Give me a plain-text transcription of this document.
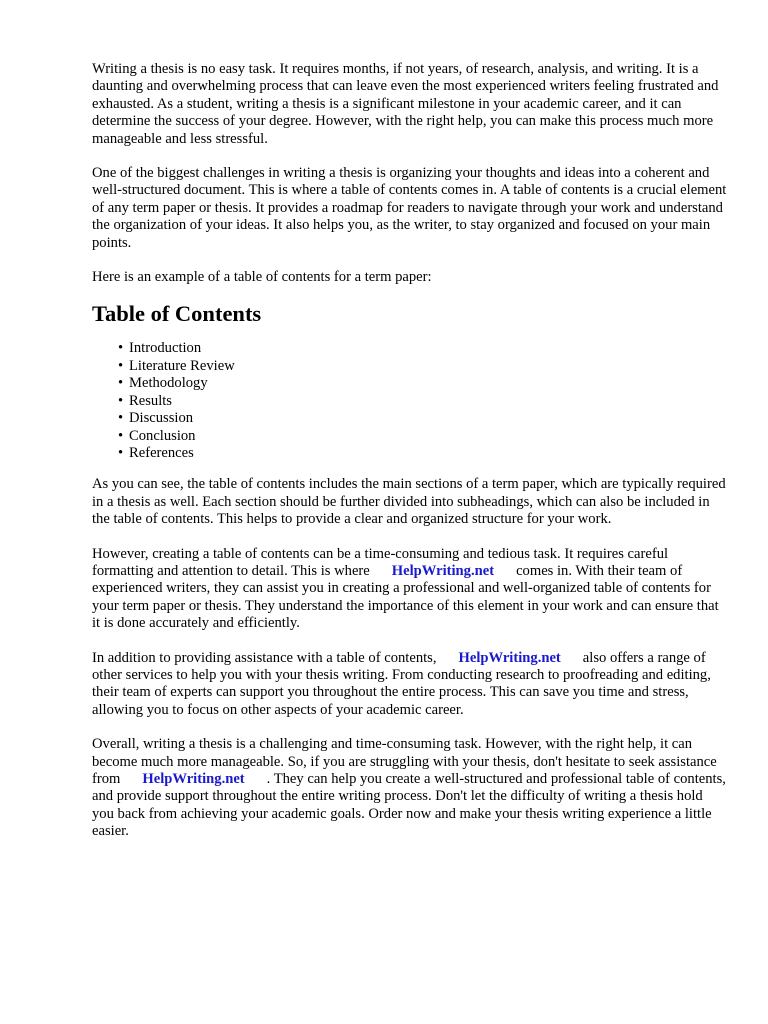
Writing a thesis is no easy task. It requires months, if not years, of research, analysis, and writing. It is a daunting and overwhelming process that can leave even the most experienced writers feeling frustrated and exhausted. As a student, writing a thesis is a significant milestone in your academic career, and it can determine the success of your degree. However, with the right help, you can make this process much more manageable and less stressful.

One of the biggest challenges in writing a thesis is organizing your thoughts and ideas into a coherent and well-structured document. This is where a table of contents comes in. A table of contents is a crucial element of any term paper or thesis. It provides a roadmap for readers to navigate through your work and understand the organization of your ideas. It also helps you, as the writer, to stay organized and focused on your main points.

Here is an example of a table of contents for a term paper:

Table of Contents
• Introduction
• Literature Review
• Methodology
• Results
• Discussion
• Conclusion
• References

As you can see, the table of contents includes the main sections of a term paper, which are typically required in a thesis as well. Each section should be further divided into subheadings, which can also be included in the table of contents. This helps to provide a clear and organized structure for your work.

However, creating a table of contents can be a time-consuming and tedious task. It requires careful formatting and attention to detail. This is where HelpWriting.net comes in. With their team of experienced writers, they can assist you in creating a professional and well-organized table of contents for your term paper or thesis. They understand the importance of this element in your work and can ensure that it is done accurately and efficiently.

In addition to providing assistance with a table of contents, HelpWriting.net also offers a range of other services to help you with your thesis writing. From conducting research to proofreading and editing, their team of experts can support you throughout the entire process. This can save you time and stress, allowing you to focus on other aspects of your academic career.

Overall, writing a thesis is a challenging and time-consuming task. However, with the right help, it can become much more manageable. So, if you are struggling with your thesis, don't hesitate to seek assistance from HelpWriting.net . They can help you create a well-structured and professional table of contents, and provide support throughout the entire writing process. Don't let the difficulty of writing a thesis hold you back from achieving your academic goals. Order now and make your thesis writing experience a little easier.
